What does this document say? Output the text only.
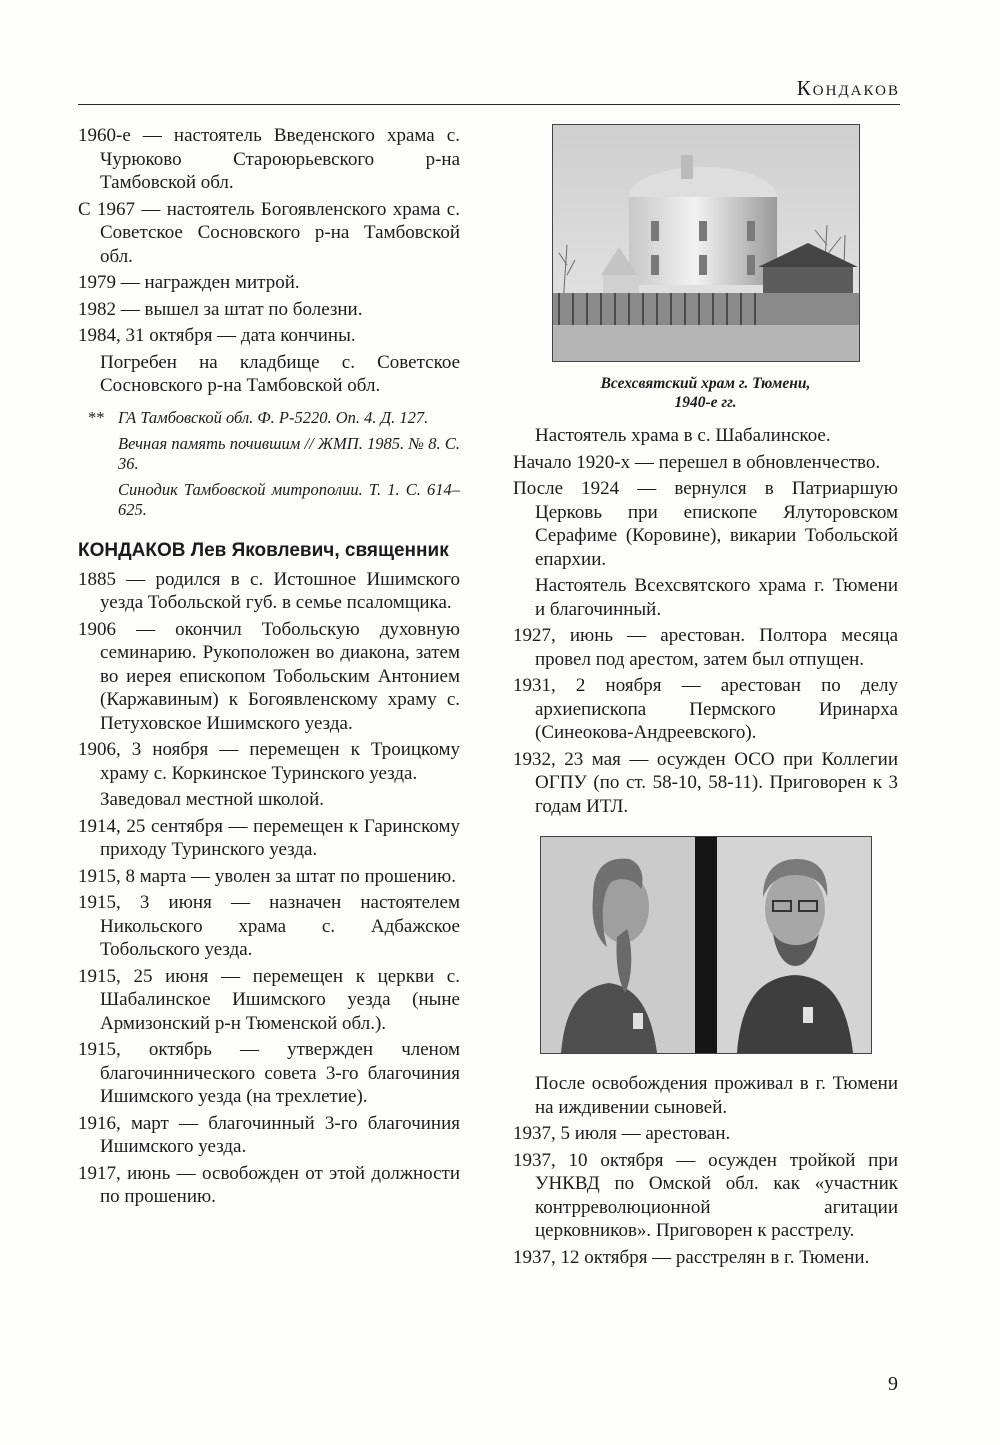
Кондаков

1960-е — настоятель Введенского храма с. Чурюково Староюрьевского р-на Тамбовской обл.

С 1967 — настоятель Богоявленского храма с. Советское Сосновского р-на Тамбовской обл.

1979 — награжден митрой.

1982 — вышел за штат по болезни.

1984, 31 октября — дата кончины.

Погребен на кладбище с. Советское Сосновского р-на Тамбовской обл.

** ГА Тамбовской обл. Ф. Р-5220. Оп. 4. Д. 127.

Вечная память почившим // ЖМП. 1985. № 8. С. 36.

Синодик Тамбовской митрополии. Т. 1. С. 614–625.

КОНДАКОВ Лев Яковлевич, священник

1885 — родился в с. Истошное Ишимского уезда Тобольской губ. в семье псаломщика.

1906 — окончил Тобольскую духовную семинарию. Рукоположен во диакона, затем во иерея епископом Тобольским Антонием (Каржавиным) к Богоявленскому храму с. Петуховское Ишимского уезда.

1906, 3 ноября — перемещен к Троицкому храму с. Коркинское Туринского уезда.

Заведовал местной школой.

1914, 25 сентября — перемещен к Гаринскому приходу Туринского уезда.

1915, 8 марта — уволен за штат по прошению.

1915, 3 июня — назначен настоятелем Никольского храма с. Адбажское Тобольского уезда.

1915, 25 июня — перемещен к церкви с. Шабалинское Ишимского уезда (ныне Армизонский р-н Тюменской обл.).

1915, октябрь — утвержден членом благочиннического совета 3-го благочиния Ишимского уезда (на трехлетие).

1916, март — благочинный 3-го благочиния Ишимского уезда.

1917, июнь — освобожден от этой должности по прошению.

Всехсвятский храм г. Тюмени,
1940-е гг.

Настоятель храма в с. Шабалинское.

Начало 1920-х — перешел в обновленчество.

После 1924 — вернулся в Патриаршую Церковь при епископе Ялуторовском Серафиме (Коровине), викарии Тобольской епархии.

Настоятель Всехсвятского храма г. Тюмени и благочинный.

1927, июнь — арестован. Полтора месяца провел под арестом, затем был отпущен.

1931, 2 ноября — арестован по делу архиепископа Пермского Иринарха (Синеокова-Андреевского).

1932, 23 мая — осужден ОСО при Коллегии ОГПУ (по ст. 58-10, 58-11). Приговорен к 3 годам ИТЛ.

После освобождения проживал в г. Тюмени на иждивении сыновей.

1937, 5 июля — арестован.

1937, 10 октября — осужден тройкой при УНКВД по Омской обл. как «участник контрреволюционной агитации церковников». Приговорен к расстрелу.

1937, 12 октября — расстрелян в г. Тюмени.

9
